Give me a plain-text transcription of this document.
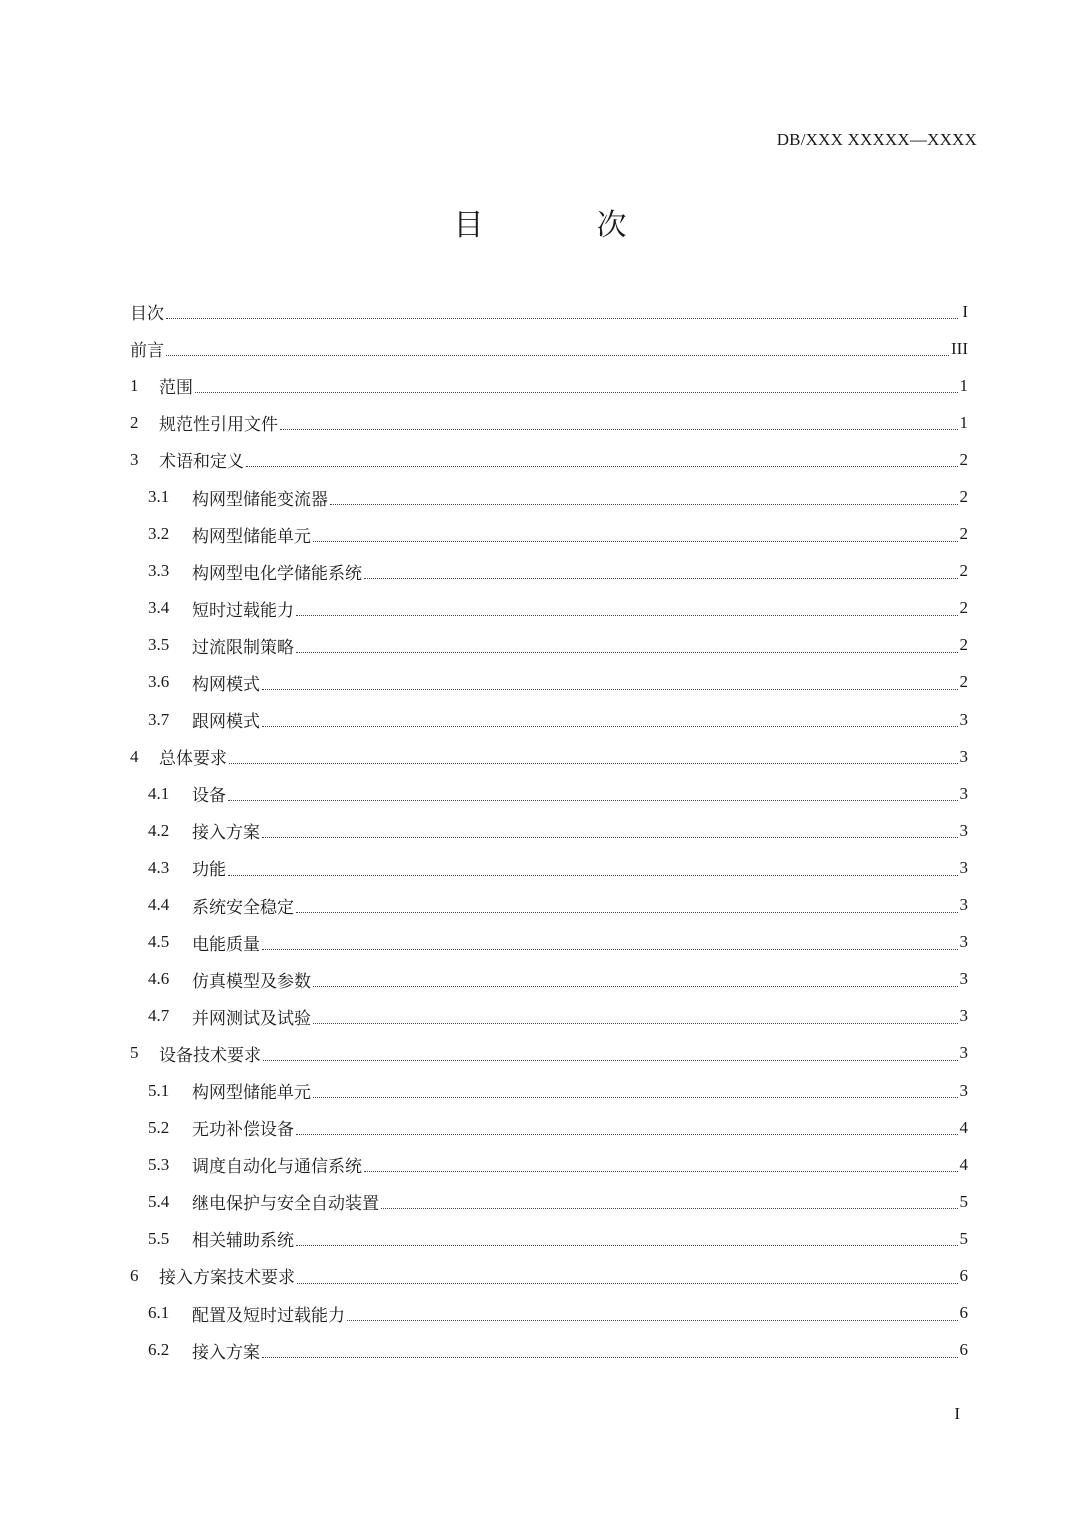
DB/XXX XXXXX—XXXX
目	次
目次	I
前言	III
1	范围	1
2	规范性引用文件	1
3	术语和定义	2
3.1	构网型储能变流器	2
3.2	构网型储能单元	2
3.3	构网型电化学储能系统	2
3.4	短时过载能力	2
3.5	过流限制策略	2
3.6	构网模式	2
3.7	跟网模式	3
4	总体要求	3
4.1	设备	3
4.2	接入方案	3
4.3	功能	3
4.4	系统安全稳定	3
4.5	电能质量	3
4.6	仿真模型及参数	3
4.7	并网测试及试验	3
5	设备技术要求	3
5.1	构网型储能单元	3
5.2	无功补偿设备	4
5.3	调度自动化与通信系统	4
5.4	继电保护与安全自动装置	5
5.5	相关辅助系统	5
6	接入方案技术要求	6
6.1	配置及短时过载能力	6
6.2	接入方案	6
I
